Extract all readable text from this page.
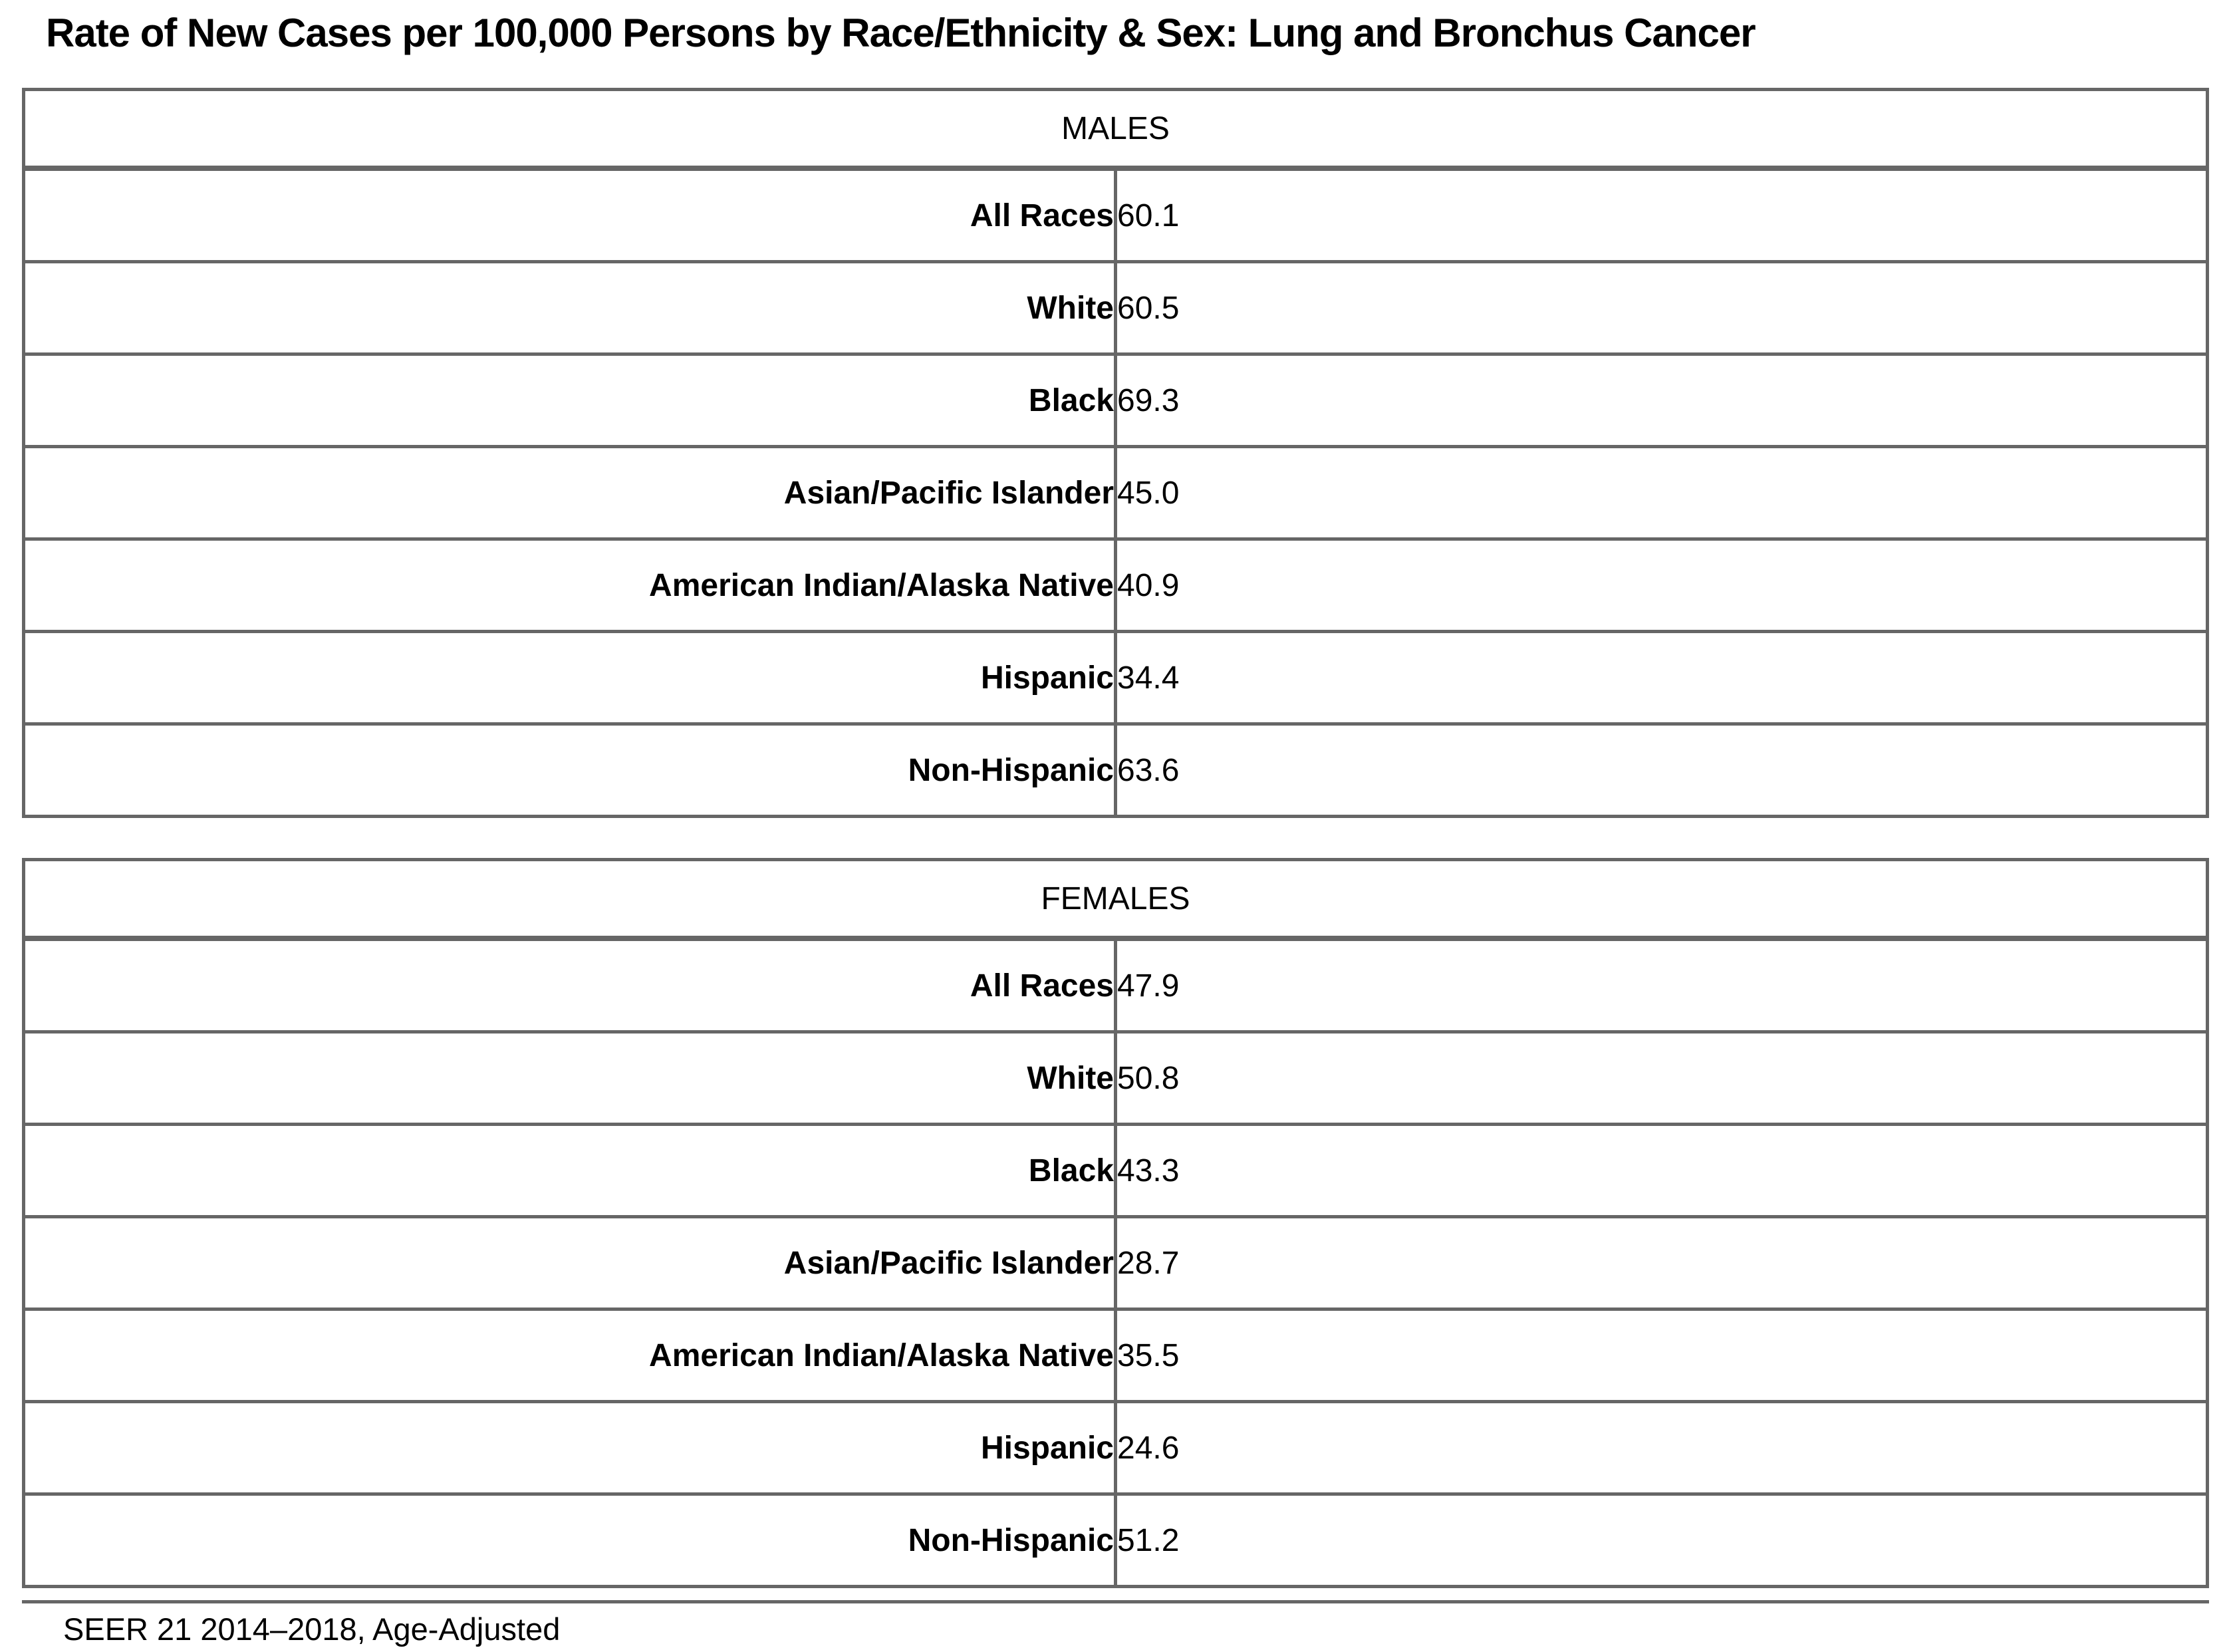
Rate of New Cases per 100,000 Persons by Race/Ethnicity & Sex: Lung and Bronchus Cancer
MALES	
All Races	60.1
White	60.5
Black	69.3
Asian/Pacific Islander	45.0
American Indian/Alaska Native	40.9
Hispanic	34.4
Non-Hispanic	63.6
FEMALES	
All Races	47.9
White	50.8
Black	43.3
Asian/Pacific Islander	28.7
American Indian/Alaska Native	35.5
Hispanic	24.6
Non-Hispanic	51.2
SEER 21 2014–2018, Age-Adjusted
